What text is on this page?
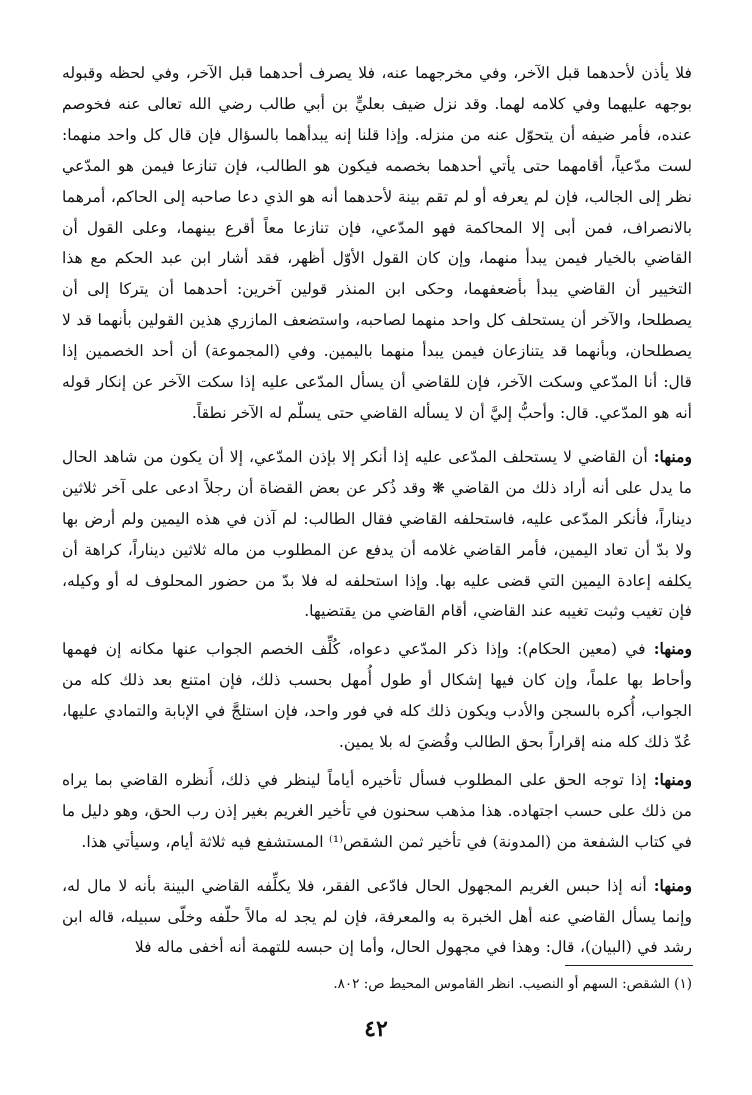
فلا يأذن لأحدهما قبل الآخر، وفي مخرجهما عنه، فلا يصرف أحدهما قبل الآخر، وفي لحظه وقبوله بوجهه عليهما وفي كلامه لهما. وقد نزل ضيف بعليٍّ بن أبي طالب رضي الله تعالى عنه فخوصم عنده، فأمر ضيفه أن يتحوّل عنه من منزله. وإذا قلنا إنه يبدأهما بالسؤال فإن قال كل واحد منهما: لست مدّعياً، أقامهما حتى يأتي أحدهما بخصمه فيكون هو الطالب، فإن تنازعا فيمن هو المدّعي نظر إلى الجالب، فإن لم يعرفه أو لم تقم بينة لأحدهما أنه هو الذي دعا صاحبه إلى الحاكم، أمرهما بالانصراف، فمن أبى إلا المحاكمة فهو المدّعي، فإن تنازعا معاً أقرع بينهما، وعلى القول أن القاضي بالخيار فيمن يبدأ منهما، وإن كان القول الأوّل أظهر، فقد أشار ابن عبد الحكم مع هذا التخيير أن القاضي يبدأ بأضعفهما، وحكى ابن المنذر قولين آخرين: أحدهما أن يتركا إلى أن يصطلحا، والآخر أن يستحلف كل واحد منهما لصاحبه، واستضعف المازري هذين القولين بأنهما قد لا يصطلحان، وبأنهما قد يتنازعان فيمن يبدأ منهما باليمين. وفي (المجموعة) أن أحد الخصمين إذا قال: أنا المدّعي وسكت الآخر، فإن للقاضي أن يسأل المدّعى عليه إذا سكت الآخر عن إنكار قوله أنه هو المدّعي. قال: وأحبُّ إليَّ أن لا يسأله القاضي حتى يسلّم له الآخر نطقاً.

ومنها: أن القاضي لا يستحلف المدّعى عليه إذا أنكر إلا بإذن المدّعي، إلا أن يكون من شاهد الحال ما يدل على أنه أراد ذلك من القاضي ❋ وقد ذُكر عن بعض القضاة أن رجلاً ادعى على آخر ثلاثين ديناراً، فأنكر المدّعى عليه، فاستحلفه القاضي فقال الطالب: لم آذن في هذه اليمين ولم أرض بها ولا بدّ أن تعاد اليمين، فأمر القاضي غلامه أن يدفع عن المطلوب من ماله ثلاثين ديناراً، كراهة أن يكلفه إعادة اليمين التي قضى عليه بها. وإذا استحلفه له فلا بدّ من حضور المحلوف له أو وكيله، فإن تغيب وثبت تغيبه عند القاضي، أقام القاضي من يقتضيها.

ومنها: في (معين الحكام): وإذا ذكر المدّعي دعواه، كُلِّف الخصم الجواب عنها مكانه إن فهمها وأحاط بها علماً، وإن كان فيها إشكال أو طول أُمهل بحسب ذلك، فإن امتنع بعد ذلك كله من الجواب، أُكره بالسجن والأدب ويكون ذلك كله في فور واحد، فإن استلجَّ في الإبابة والتمادي عليها، عُدّ ذلك كله منه إقراراً بحق الطالب وقُضيَ له بلا يمين.

ومنها: إذا توجه الحق على المطلوب فسأل تأخيره أياماً لينظر في ذلك، أَنظره القاضي بما يراه من ذلك على حسب اجتهاده. هذا مذهب سحنون في تأخير الغريم بغير إذن رب الحق، وهو دليل ما في كتاب الشفعة من (المدونة) في تأخير ثمن الشقص⁽¹⁾ المستشفع فيه ثلاثة أيام، وسيأتي هذا.

ومنها: أنه إذا حبس الغريم المجهول الحال فادّعى الفقر، فلا يكلِّفه القاضي البينة بأنه لا مال له، وإنما يسأل القاضي عنه أهل الخبرة به والمعرفة، فإن لم يجد له مالاً حلّفه وخلّى سبيله، قاله ابن رشد في (البيان)، قال: وهذا في مجهول الحال، وأما إن حبسه للتهمة أنه أخفى ماله فلا

(١) الشقص: السهم أو النصيب. انظر القاموس المحيط ص: ٨٠٢.
٤٢
